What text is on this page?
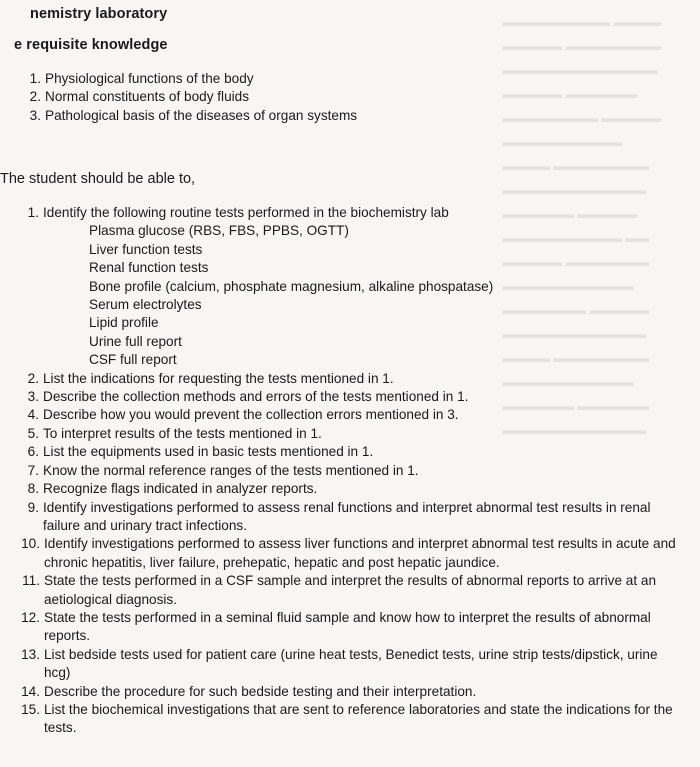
▬▬▬▬▬▬▬▬▬ ▬▬▬▬
▬▬▬▬▬ ▬▬▬▬▬▬▬▬
▬▬▬▬▬▬▬▬▬▬▬▬▬
▬▬▬▬▬ ▬▬▬▬▬▬
▬▬▬▬▬▬▬▬ ▬▬▬▬▬
▬▬▬▬▬▬▬▬▬▬
▬▬▬▬ ▬▬▬▬▬▬▬▬
▬▬▬▬▬▬▬▬▬▬▬▬
▬▬▬▬▬▬ ▬▬▬▬▬
▬▬▬▬▬▬▬▬▬▬ ▬▬
▬▬▬▬▬ ▬▬▬▬▬▬▬
▬▬▬▬▬▬▬▬▬▬▬
▬▬▬▬▬▬▬ ▬▬▬▬▬
▬▬▬▬▬▬▬▬▬▬▬▬
▬▬▬▬ ▬▬▬▬▬▬▬▬
▬▬▬▬▬▬▬▬▬▬▬
▬▬▬▬▬▬ ▬▬▬▬▬▬
▬▬▬▬▬▬▬▬▬▬▬▬
nemistry laboratory
e requisite knowledge
1. Physiological functions of the body
2. Normal constituents of body fluids
3. Pathological basis of the diseases of organ systems
The student should be able to,
1. Identify the following routine tests performed in the biochemistry lab
Plasma glucose (RBS, FBS, PPBS, OGTT)
Liver function tests
Renal function tests
Bone profile (calcium, phosphate magnesium, alkaline phospatase)
Serum electrolytes
Lipid profile
Urine full report
CSF full report
2. List the indications for requesting the tests mentioned in 1.
3. Describe the collection methods and errors of the tests mentioned in 1.
4. Describe how you would prevent the collection errors mentioned in 3.
5. To interpret results of the tests mentioned in 1.
6. List the equipments used in basic tests mentioned in 1.
7. Know the normal reference ranges of the tests mentioned in 1.
8. Recognize flags indicated in analyzer reports.
9. Identify investigations performed to assess renal functions and interpret abnormal test results in renal failure and urinary tract infections.
10. Identify investigations performed to assess liver functions and interpret abnormal test results in acute and chronic hepatitis, liver failure, prehepatic, hepatic and post hepatic jaundice.
11. State the tests performed in a CSF sample and interpret the results of abnormal reports to arrive at an aetiological diagnosis.
12. State the tests performed in a seminal fluid sample and know how to interpret the results of abnormal reports.
13. List bedside tests used for patient care (urine heat tests, Benedict tests, urine strip tests/dipstick, urine hcg)
14. Describe the procedure for such bedside testing and their interpretation.
15. List the biochemical investigations that are sent to reference laboratories and state the indications for the tests.
